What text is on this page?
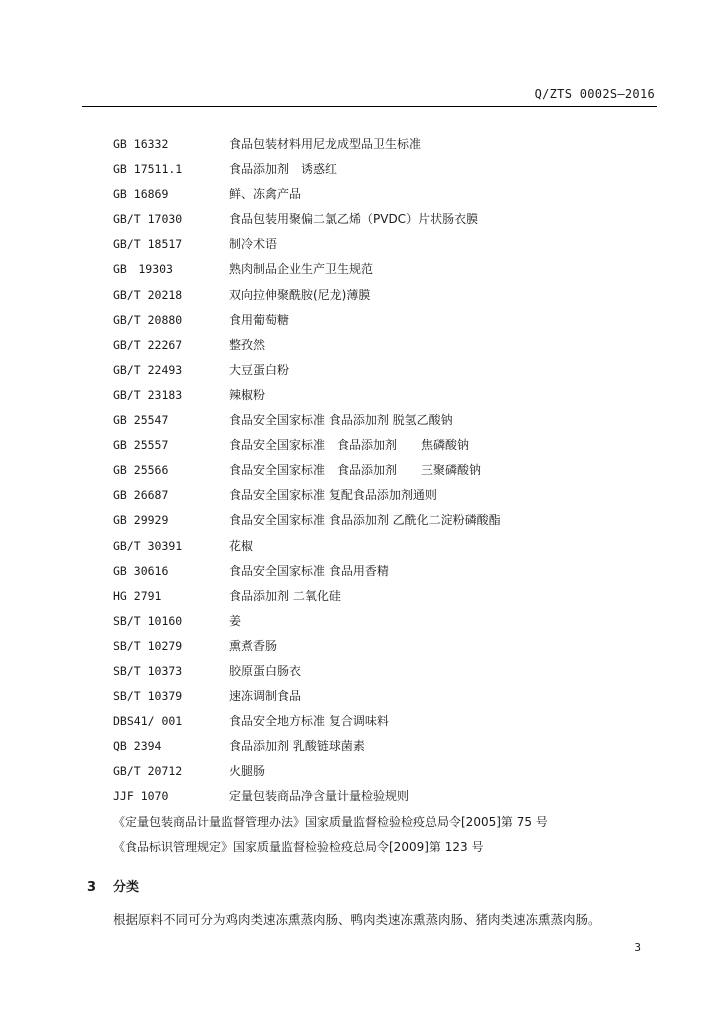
Q/ZTS 0002S—2016
GB 16332	食品包装材料用尼龙成型品卫生标准
GB 17511.1	食品添加剂　诱惑红
GB 16869	鲜、冻禽产品
GB/T 17030	食品包装用聚偏二氯乙烯（PVDC）片状肠衣膜
GB/T 18517	制冷术语
GB　19303	熟肉制品企业生产卫生规范
GB/T 20218	双向拉伸聚酰胺(尼龙)薄膜
GB/T 20880	食用葡萄糖
GB/T 22267	整孜然
GB/T 22493	大豆蛋白粉
GB/T 23183	辣椒粉
GB 25547	食品安全国家标准 食品添加剂 脱氢乙酸钠
GB 25557	食品安全国家标准　食品添加剂　　焦磷酸钠
GB 25566	食品安全国家标准　食品添加剂　　三聚磷酸钠
GB 26687	食品安全国家标准 复配食品添加剂通则
GB 29929	食品安全国家标准 食品添加剂 乙酰化二淀粉磷酸酯
GB/T 30391	花椒
GB 30616	食品安全国家标准 食品用香精
HG 2791	食品添加剂 二氧化硅
SB/T 10160	姜
SB/T 10279	熏煮香肠
SB/T 10373	胶原蛋白肠衣
SB/T 10379	速冻调制食品
DBS41/ 001	食品安全地方标准 复合调味料
QB 2394	食品添加剂 乳酸链球菌素
GB/T 20712	火腿肠
JJF 1070	定量包装商品净含量计量检验规则
《定量包装商品计量监督管理办法》国家质量监督检验检疫总局令[2005]第 75 号
《食品标识管理规定》国家质量监督检验检疫总局令[2009]第 123 号
3 分类
根据原料不同可分为鸡肉类速冻熏蒸肉肠、鸭肉类速冻熏蒸肉肠、猪肉类速冻熏蒸肉肠。
3
